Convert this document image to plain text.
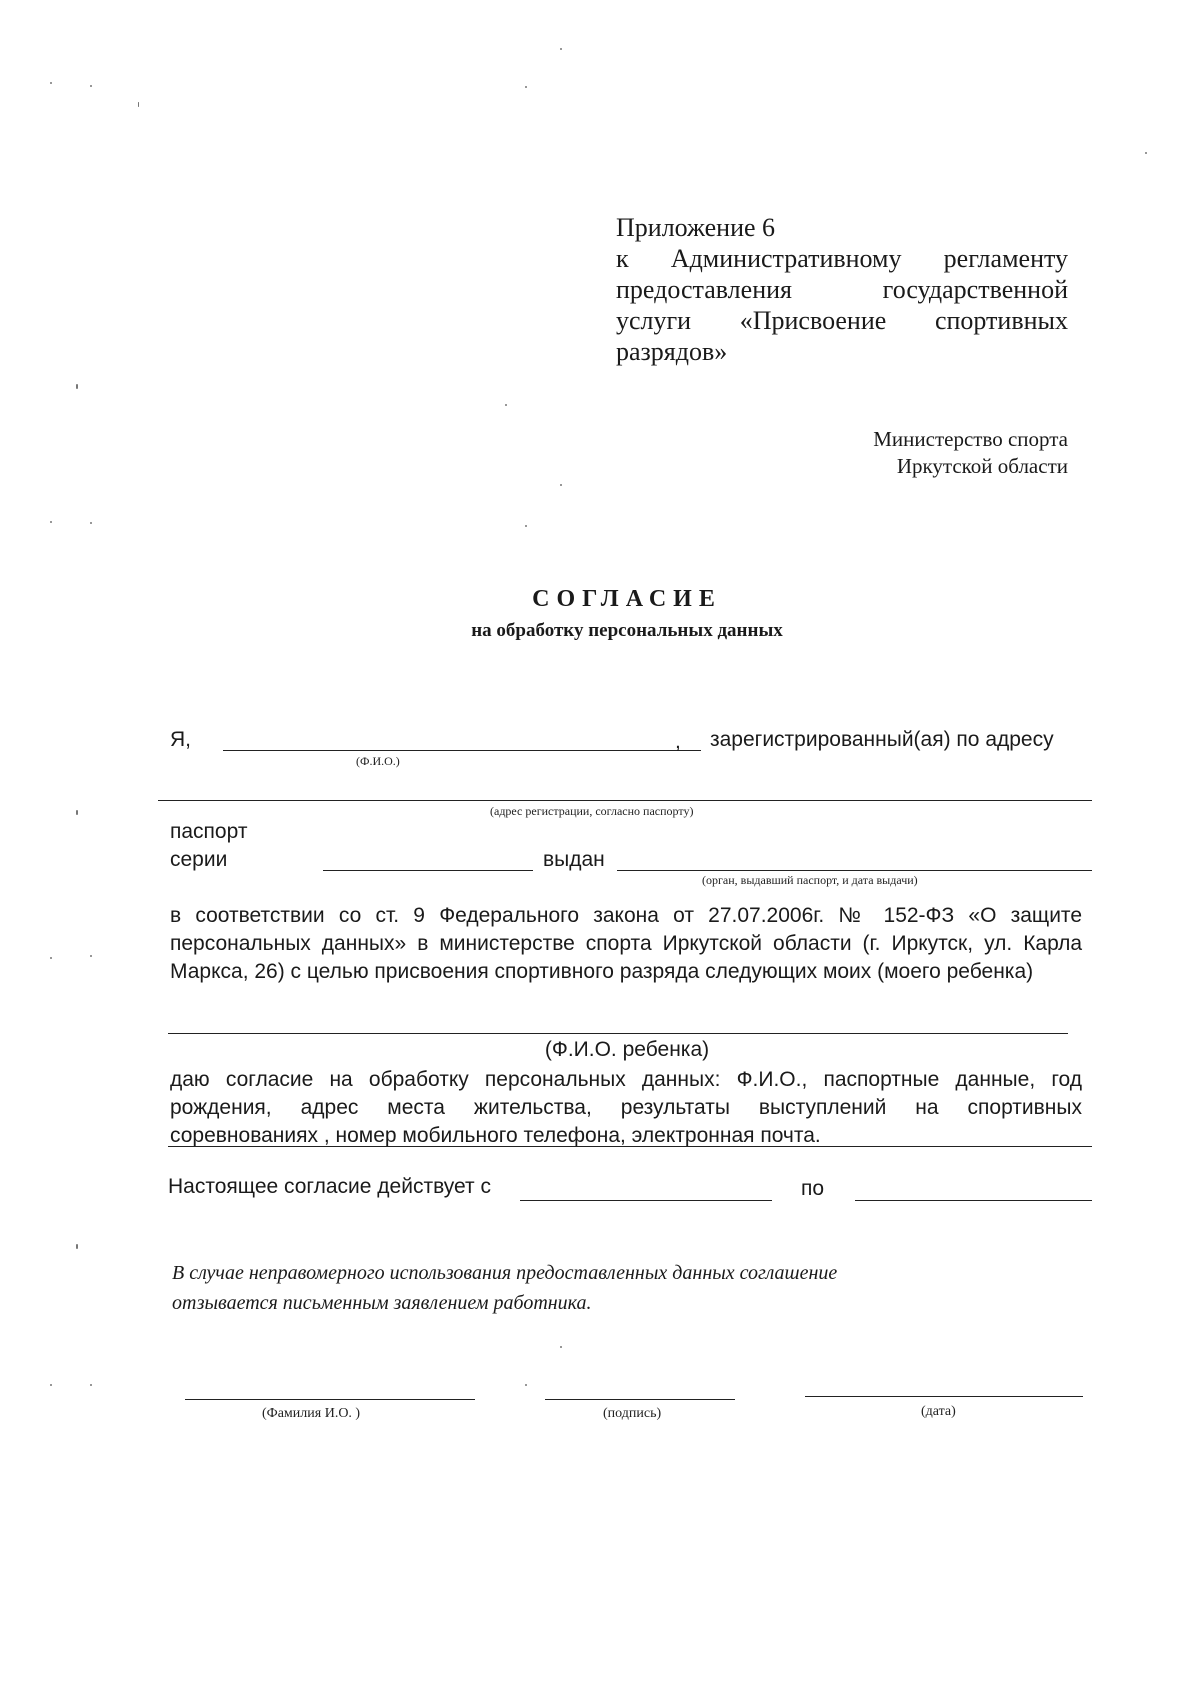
Приложение 6
к Административному регламенту
предоставления государственной
услуги «Присвоение спортивных
разрядов»
Министерство спорта
Иркутской области
СОГЛАСИЕ
на обработку персональных данных
Я,	, зарегистрированный(ая) по адресу
(Ф.И.О.)
(адрес регистрации, согласно паспорту)
паспорт
серии	выдан
(орган, выдавший паспорт, и дата выдачи)
в соответствии со ст. 9 Федерального закона от 27.07.2006г. № 152-ФЗ «О защите
персональных данных» в министерстве спорта Иркутской области (г. Иркутск, ул. Карла
Маркса, 26) с целью присвоения спортивного разряда следующих моих (моего ребенка)
(Ф.И.О. ребенка)
даю согласие на обработку персональных данных: Ф.И.О., паспортные данные, год
рождения, адрес места жительства, результаты выступлений на спортивных
соревнованиях , номер мобильного телефона, электронная почта.
Настоящее согласие действует с	по
В случае неправомерного использования предоставленных данных соглашение
отзывается письменным заявлением работника.
(Фамилия И.О. )	(подпись)	(дата)
